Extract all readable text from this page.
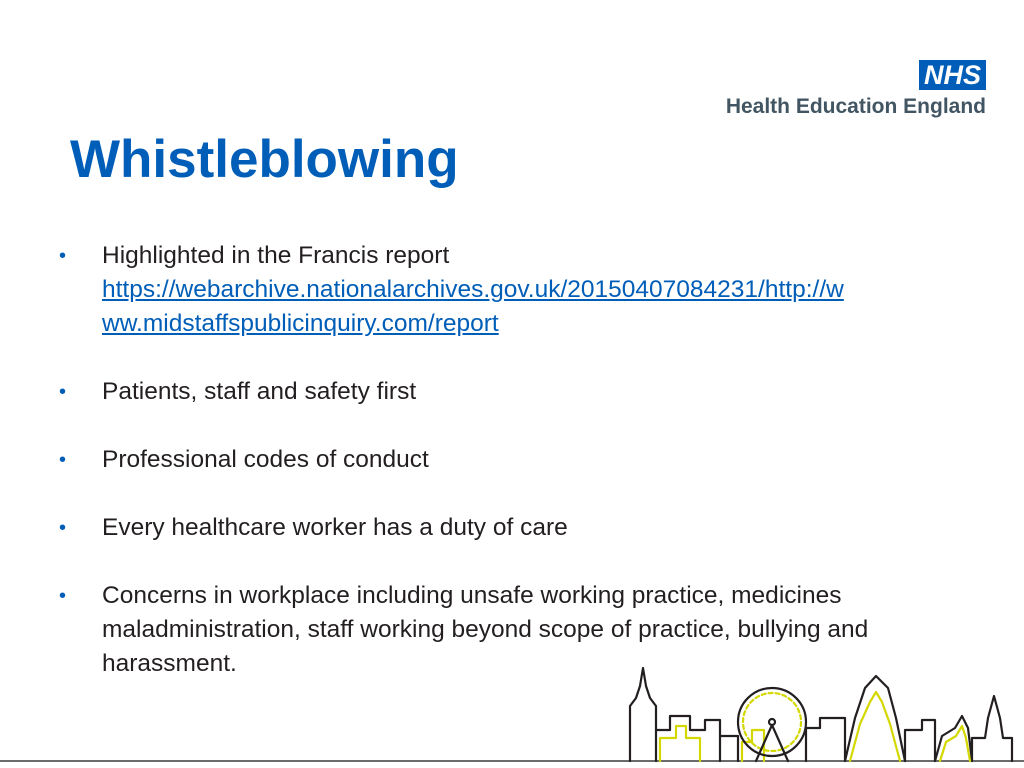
NHS
Health Education England
Whistleblowing
• Highlighted in the Francis report
https://webarchive.nationalarchives.gov.uk/20150407084231/http://w
ww.midstaffspublicinquiry.com/report
• Patients, staff and safety first
• Professional codes of conduct
• Every healthcare worker has a duty of care
• Concerns in workplace including unsafe working practice, medicines maladministration, staff working beyond scope of practice, bullying and harassment.
